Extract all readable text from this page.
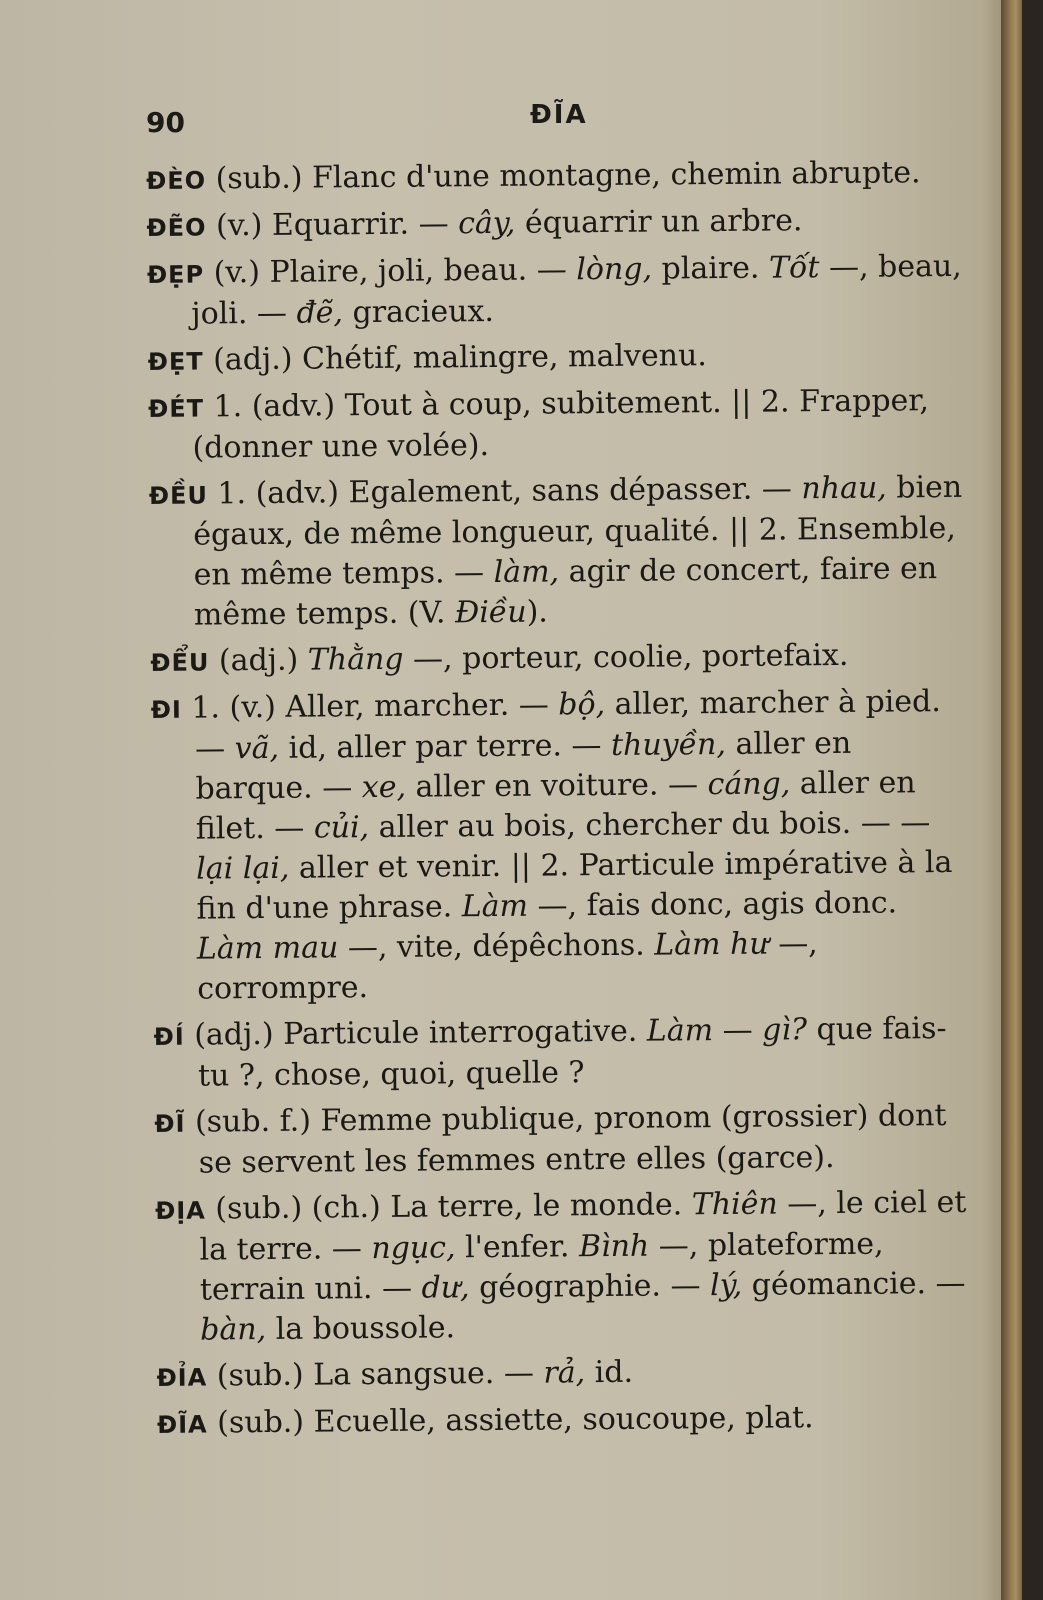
90	ĐĨA

ĐÈO (sub.) Flanc d'une montagne, chemin abrupte.

ĐẼO (v.) Equarrir. — cây, équarrir un arbre.

ĐẸP (v.) Plaire, joli, beau. — lòng, plaire. Tốt —, beau, joli. — đẽ, gracieux.

ĐẸT (adj.) Chétif, malingre, malvenu.

ĐÉT 1. (adv.) Tout à coup, subitement. || 2. Frapper, (donner une volée).

ĐỀU 1. (adv.) Egalement, sans dépasser. — nhau, bien égaux, de même longueur, qualité. || 2. Ensemble, en même temps. — làm, agir de concert, faire en même temps. (V. Điều).

ĐỂU (adj.) Thằng —, porteur, coolie, portefaix.

ĐI 1. (v.) Aller, marcher. — bộ, aller, marcher à pied. — vã, id, aller par terre. — thuyền, aller en barque. — xe, aller en voiture. — cáng, aller en filet. — củi, aller au bois, chercher du bois. — — lại lại, aller et venir. || 2. Particule impérative à la fin d'une phrase. Làm —, fais donc, agis donc. Làm mau —, vite, dépêchons. Làm hư —, corrompre.

ĐÍ (adj.) Particule interrogative. Làm — gì? que fais-tu ?, chose, quoi, quelle ?

ĐĨ (sub. f.) Femme publique, pronom (grossier) dont se servent les femmes entre elles (garce).

ĐỊA (sub.) (ch.) La terre, le monde. Thiên —, le ciel et la terre. — ngục, l'enfer. Bình —, plateforme, terrain uni. — dư, géographie. — lý, géomancie. — bàn, la boussole.

ĐỈA (sub.) La sangsue. — rả, id.

ĐĨA (sub.) Ecuelle, assiette, soucoupe, plat.
